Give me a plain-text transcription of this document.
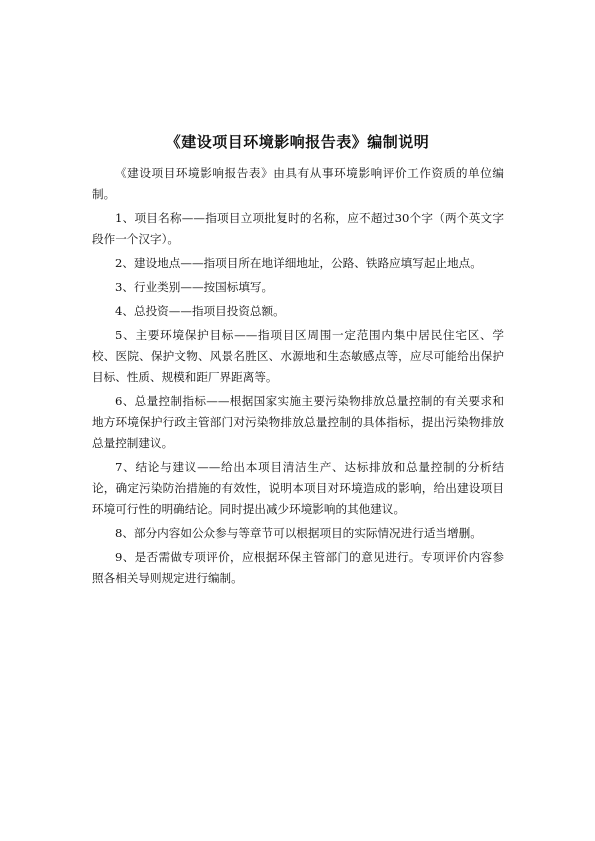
《建设项目环境影响报告表》编制说明

《建设项目环境影响报告表》由具有从事环境影响评价工作资质的单位编制。

1、项目名称——指项目立项批复时的名称，应不超过30个字（两个英文字段作一个汉字）。

2、建设地点——指项目所在地详细地址，公路、铁路应填写起止地点。

3、行业类别——按国标填写。

4、总投资——指项目投资总额。

5、主要环境保护目标——指项目区周围一定范围内集中居民住宅区、学校、医院、保护文物、风景名胜区、水源地和生态敏感点等，应尽可能给出保护目标、性质、规模和距厂界距离等。

6、总量控制指标——根据国家实施主要污染物排放总量控制的有关要求和地方环境保护行政主管部门对污染物排放总量控制的具体指标，提出污染物排放总量控制建议。

7、结论与建议——给出本项目清洁生产、达标排放和总量控制的分析结论，确定污染防治措施的有效性，说明本项目对环境造成的影响，给出建设项目环境可行性的明确结论。同时提出减少环境影响的其他建议。

8、部分内容如公众参与等章节可以根据项目的实际情况进行适当增删。

9、是否需做专项评价，应根据环保主管部门的意见进行。专项评价内容参照各相关导则规定进行编制。
